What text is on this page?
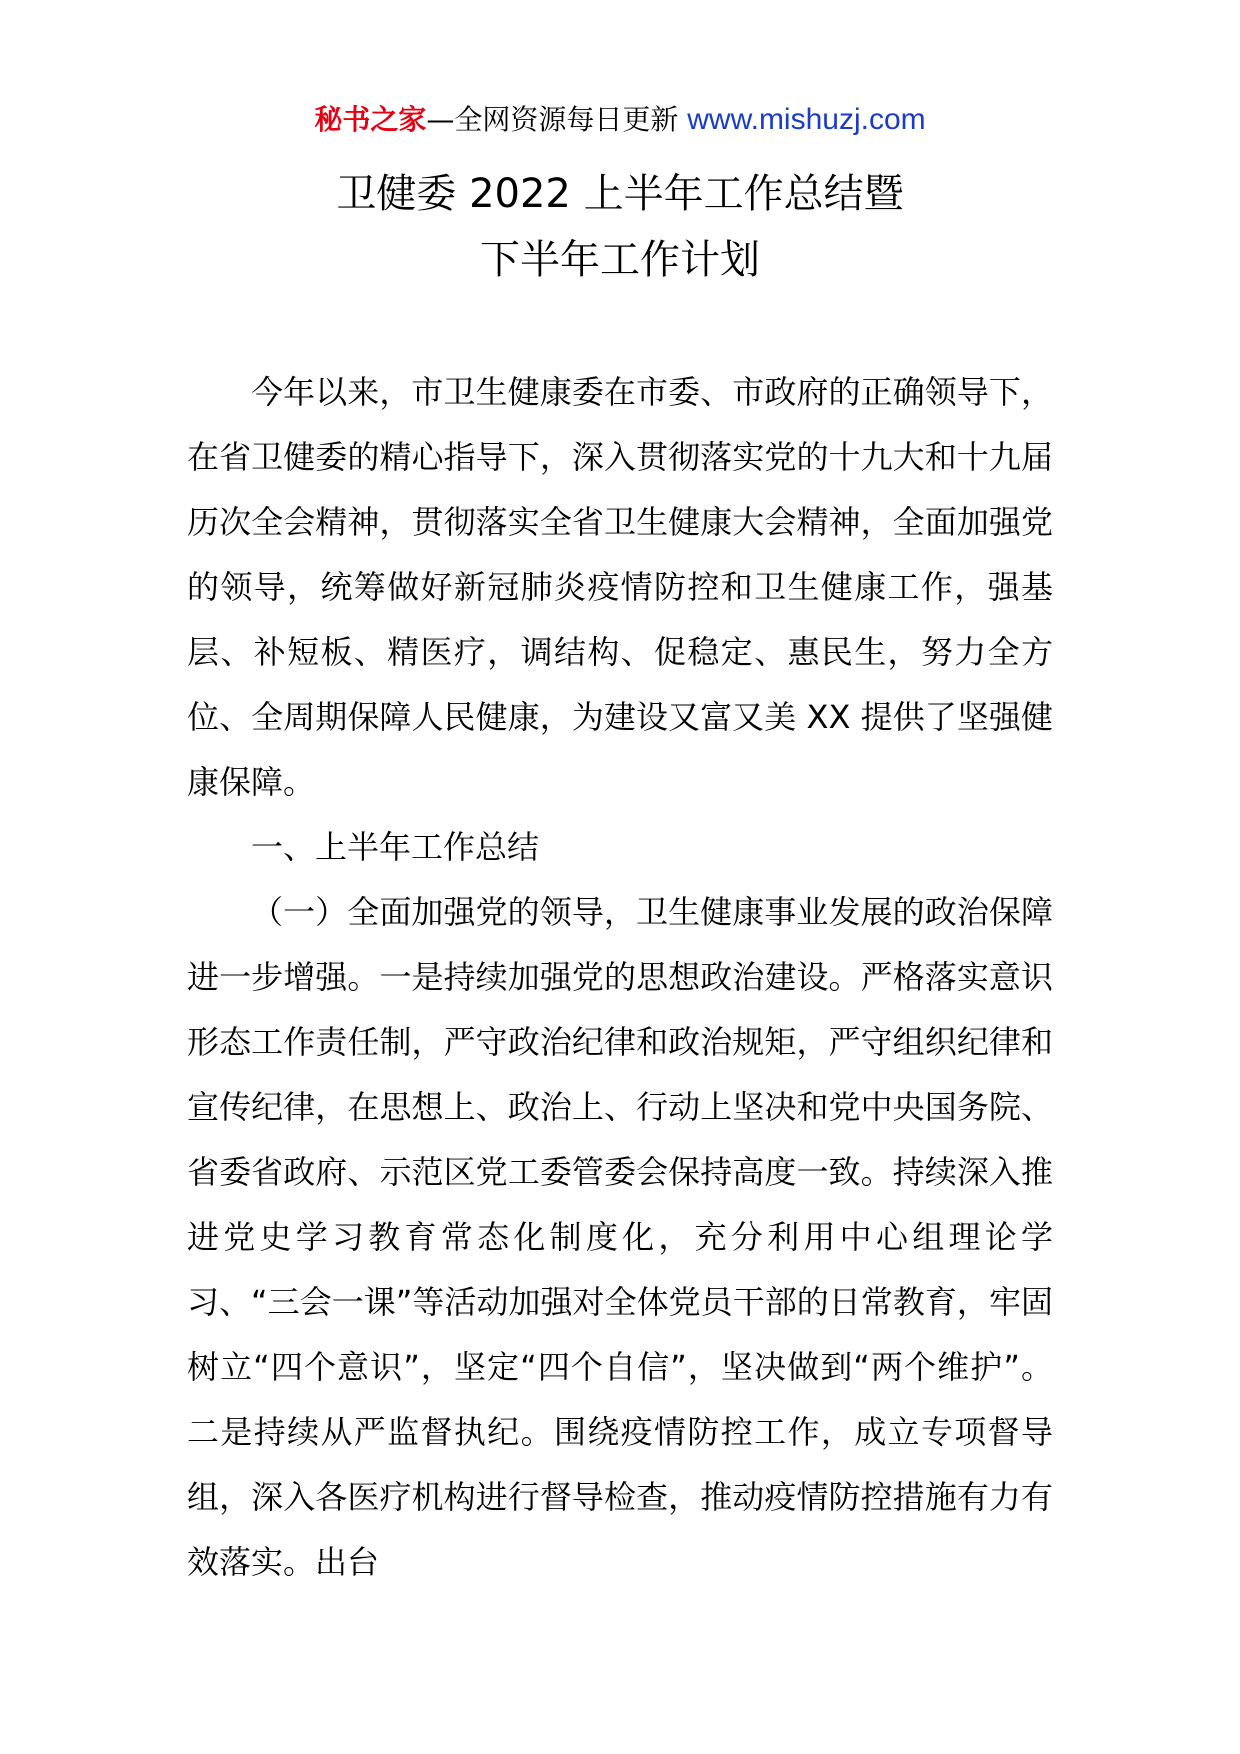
秘书之家—全网资源每日更新 www.mishuzj.com
卫健委 2022 上半年工作总结暨
下半年工作计划

今年以来，市卫生健康委在市委、市政府的正确领导下，在省卫健委的精心指导下，深入贯彻落实党的十九大和十九届历次全会精神，贯彻落实全省卫生健康大会精神，全面加强党的领导，统筹做好新冠肺炎疫情防控和卫生健康工作，强基层、补短板、精医疗，调结构、促稳定、惠民生，努力全方位、全周期保障人民健康，为建设又富又美 XX 提供了坚强健康保障。

一、上半年工作总结

（一）全面加强党的领导，卫生健康事业发展的政治保障进一步增强。一是持续加强党的思想政治建设。严格落实意识形态工作责任制，严守政治纪律和政治规矩，严守组织纪律和宣传纪律，在思想上、政治上、行动上坚决和党中央国务院、省委省政府、示范区党工委管委会保持高度一致。持续深入推进党史学习教育常态化制度化，充分利用中心组理论学习、“三会一课”等活动加强对全体党员干部的日常教育，牢固树立“四个意识”，坚定“四个自信”，坚决做到“两个维护”。二是持续从严监督执纪。围绕疫情防控工作，成立专项督导组，深入各医疗机构进行督导检查，推动疫情防控措施有力有效落实。出台
